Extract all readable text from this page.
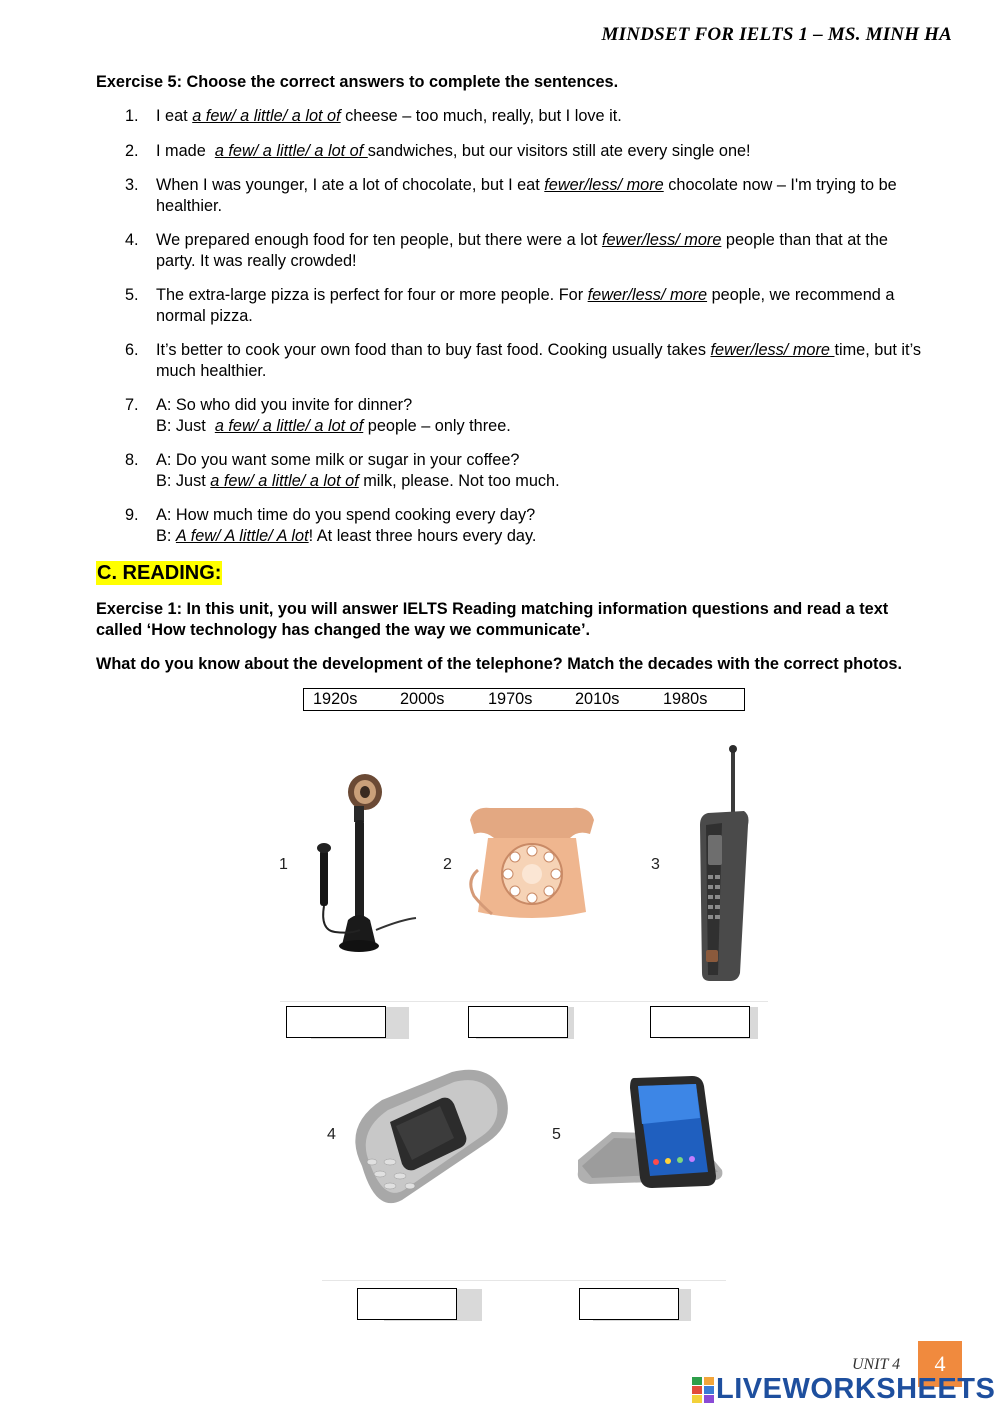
MINDSET FOR IELTS 1 – MS. MINH HA
Exercise 5: Choose the correct answers to complete the sentences.
1. I eat a few/ a little/ a lot of cheese – too much, really, but I love it.
2. I made  a few/ a little/ a lot of sandwiches, but our visitors still ate every single one!
3. When I was younger, I ate a lot of chocolate, but I eat fewer/less/ more chocolate now – I'm trying to be
healthier.
4. We prepared enough food for ten people, but there were a lot fewer/less/ more people than that at the
party. It was really crowded!
5. The extra-large pizza is perfect for four or more people. For fewer/less/ more people, we recommend a
normal pizza.
6. It’s better to cook your own food than to buy fast food. Cooking usually takes fewer/less/ more time, but it’s
much healthier.
7. A: So who did you invite for dinner?
B: Just  a few/ a little/ a lot of people – only three.
8. A: Do you want some milk or sugar in your coffee?
B: Just a few/ a little/ a lot of milk, please. Not too much.
9. A: How much time do you spend cooking every day?
B: A few/ A little/ A lot! At least three hours every day.
C. READING:
Exercise 1: In this unit, you will answer IELTS Reading matching information questions and read a text
called ‘How technology has changed the way we communicate’.
What do you know about the development of the telephone? Match the decades with the correct photos.
1920s	2000s	1970s	2010s	1980s
1	2	3
4	5
UNIT 4	4
LIVEWORKSHEETS
